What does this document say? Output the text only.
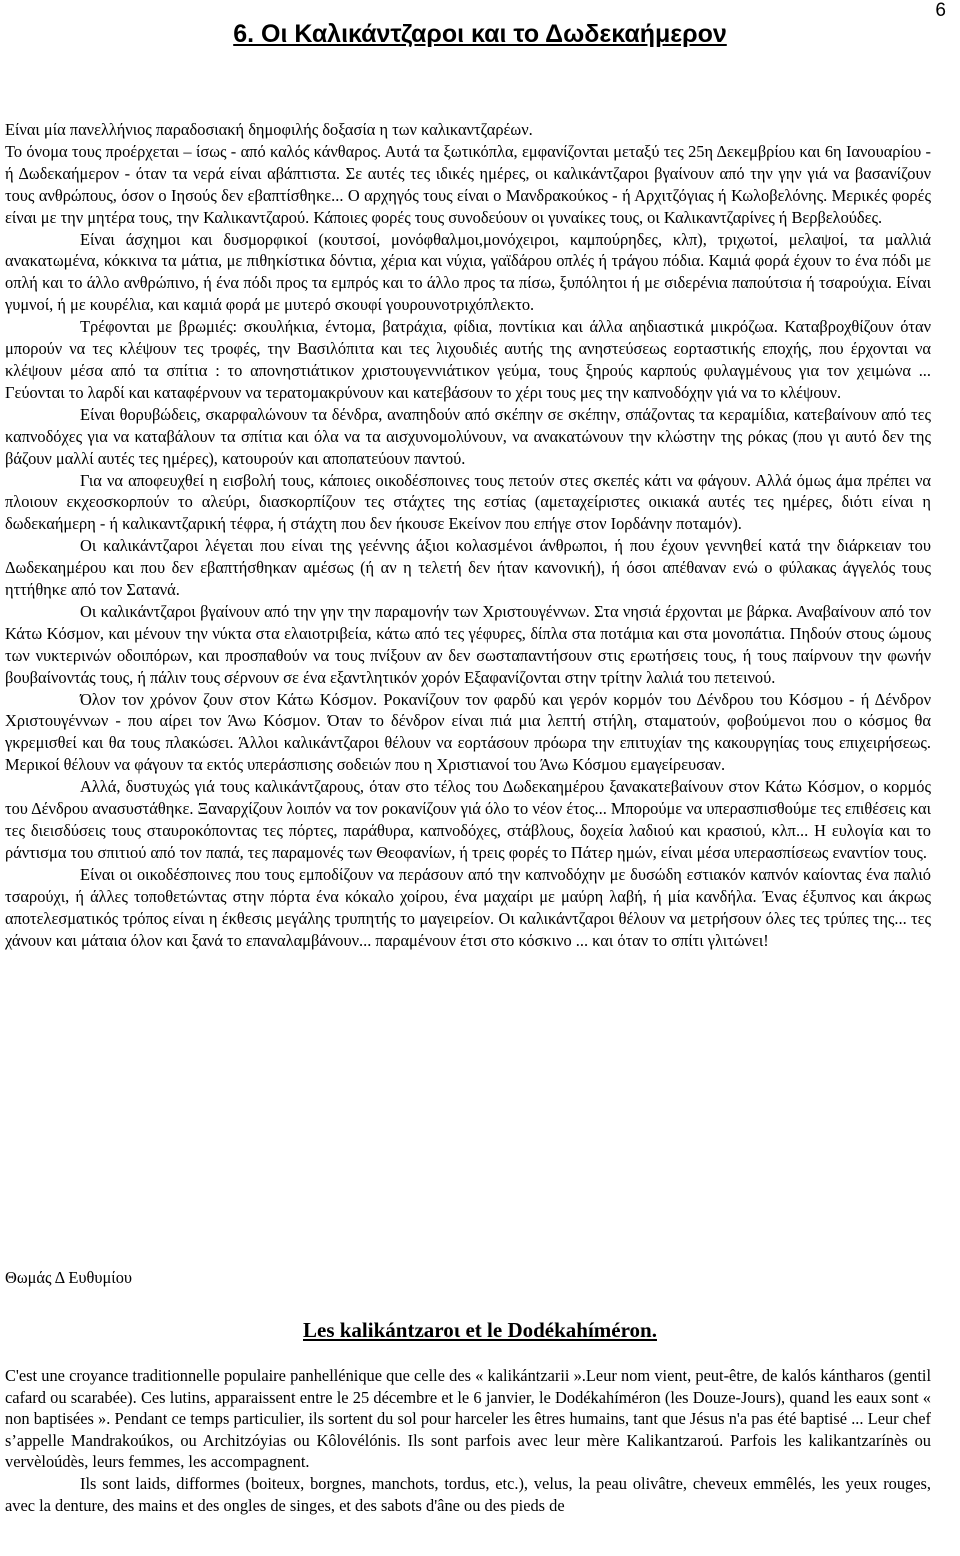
6
6. Οι Καλικάντζαροι και το Δωδεκαήμερον

Είναι μία πανελλήνιος παραδοσιακή δημοφιλής δοξασία η των καλικαντζαρέων.

Το όνομα τους προέρχεται – ίσως - από καλός κάνθαρος. Αυτά τα ξωτικόπλα, εμφανίζονται μεταξύ τες 25η Δεκεμβρίου και 6η Ιανουαρίου - ή Δωδεκαήμερον - όταν τα νερά είναι αβάπτιστα. Σε αυτές τες ιδικές ημέρες, οι καλικάντζαροι βγαίνουν από την γην γιά να βασανίζουν τους ανθρώπους, όσον ο Ιησούς δεν εβαπτίσθηκε... Ο αρχηγός τους είναι ο Μανδρακούκος - ή Αρχιτζόγιας ή Κωλοβελόνης. Μερικές φορές είναι με την μητέρα τους, την Καλικαντζαρού. Κάποιες φορές τους συνοδεύουν οι γυναίκες τους, οι Καλικαντζαρίνες ή Βερβελούδες.

Είναι άσχημοι και δυσμορφικοί (κουτσοί, μονόφθαλμοι,μονόχειροι, καμπούρηδες, κλπ), τριχωτοί, μελαψοί, τα μαλλιά ανακατωμένα, κόκκινα τα μάτια, με πιθηκίστικα δόντια, χέρια και νύχια, γαϊδάρου οπλές ή τράγου πόδια. Καμιά φορά έχουν το ένα πόδι με οπλή και το άλλο ανθρώπινο, ή ένα πόδι προς τα εμπρός και το άλλο προς τα πίσω, ξυπόλητοι ή με σιδερένια παπούτσια ή τσαρούχια. Είναι γυμνοί, ή με κουρέλια, και καμιά φορά με μυτερό σκουφί γουρουνοτριχόπλεκτο.

Τρέφονται με βρωμιές: σκουλήκια, έντομα, βατράχια, φίδια, ποντίκια και άλλα αηδιαστικά μικρόζωα. Καταβροχθίζουν όταν μπορούν να τες κλέψουν τες τροφές, την Βασιλόπιτα και τες λιχουδιές αυτής της ανηστεύσεως εορταστικής εποχής, που έρχονται να κλέψουν μέσα από τα σπίτια : το απονηστιάτικον χριστουγεννιάτικον γεύμα, τους ξηρούς καρπούς φυλαγμένους για τον χειμώνα ... Γεύονται το λαρδί και καταφέρνουν να τερατομακρύνουν και κατεβάσουν το χέρι τους μες την καπνοδόχην γιά να το κλέψουν.

Είναι θορυβώδεις, σκαρφαλώνουν τα δένδρα, αναπηδούν από σκέπην σε σκέπην, σπάζοντας τα κεραμίδια, κατεβαίνουν από τες καπνοδόχες για να καταβάλουν τα σπίτια και όλα να τα αισχυνομολύνουν, να ανακατώνουν την κλώστην της ρόκας (που γι αυτό δεν της βάζουν μαλλί αυτές τες ημέρες), κατουρούν και αποπατεύουν παντού.

Για να αποφευχθεί η εισβολή τους, κάποιες οικοδέσποινες τους πετούν στες σκεπές κάτι να φάγουν. Αλλά όμως άμα πρέπει να πλοιουν εκχεοσκορπούν το αλεύρι, διασκορπίζουν τες στάχτες της εστίας (αμεταχείριστες οικιακά αυτές τες ημέρες, διότι είναι η δωδεκαήμερη - ή καλικαντζαρική τέφρα, ή στάχτη που δεν ήκουσε Εκείνον που επήγε στον Ιορδάνην ποταμόν).

Οι καλικάντζαροι λέγεται που είναι της γεέννης άξιοι κολασμένοι άνθρωποι, ή που έχουν γεννηθεί κατά την διάρκειαν του Δωδεκαημέρου και που δεν εβαπτήσθηκαν αμέσως (ή αν η τελετή δεν ήταν κανονική), ή όσοι απέθαναν ενώ ο φύλακας άγγελός τους ηττήθηκε από τον Σατανά.

Οι καλικάντζαροι βγαίνουν από την γην την παραμονήν των Χριστουγέννων. Στα νησιά έρχονται με βάρκα. Αναβαίνουν από τον Κάτω Κόσμον, και μένουν την νύκτα στα ελαιοτριβεία, κάτω από τες γέφυρες, δίπλα στα ποτάμια και στα μονοπάτια. Πηδούν στους ώμους των νυκτερινών οδοιπόρων, και προσπαθούν να τους πνίξουν αν δεν σωσταπαντήσουν στις ερωτήσεις τους, ή τους παίρνουν την φωνήν βουβαίνοντάς τους, ή πάλιν τους σέρνουν σε ένα εξαντλητικόν χορόν Εξαφανίζονται στην τρίτην λαλιά του πετεινού.

Όλον τον χρόνον ζουν στον Κάτω Κόσμον. Ροκανίζουν τον φαρδύ και γερόν κορμόν του Δένδρου του Κόσμου - ή Δένδρον Χριστουγέννων - που αίρει τον Άνω Κόσμον. Όταν το δένδρον είναι πιά μια λεπτή στήλη, σταματούν, φοβούμενοι που ο κόσμος θα γκρεμισθεί και θα τους πλακώσει. Άλλοι καλικάντζαροι θέλουν να εορτάσουν πρόωρα την επιτυχίαν της κακουργηίας τους επιχειρήσεως. Μερικοί θέλουν να φάγουν τα εκτός υπεράσπισης σοδειών που η Χριστιανοί του Άνω Κόσμου εμαγείρευσαν.

Αλλά, δυστυχώς γιά τους καλικάντζαρους, όταν στο τέλος του Δωδεκαημέρου ξανακατεβαίνουν στον Κάτω Κόσμον, ο κορμός του Δένδρου ανασυστάθηκε. Ξαναρχίζουν λοιπόν να τον ροκανίζουν γιά όλο το νέον έτος... Μπορούμε να υπερασπισθούμε τες επιθέσεις και τες διεισδύσεις τους σταυροκόποντας τες πόρτες, παράθυρα, καπνοδόχες, στάβλους, δοχεία λαδιού και κρασιού, κλπ... Η ευλογία και το ράντισμα του σπιτιού από τον παπά, τες παραμονές των Θεοφανίων, ή τρεις φορές το Πάτερ ημών, είναι μέσα υπερασπίσεως εναντίον τους.

Είναι οι οικοδέσποινες που τους εμποδίζουν να περάσουν από την καπνοδόχην με δυσώδη εστιακόν καπνόν καίοντας ένα παλιό τσαρούχι, ή άλλες τοποθετώντας στην πόρτα ένα κόκαλο χοίρου, ένα μαχαίρι με μαύρη λαβή, ή μία κανδήλα. Ένας έξυπνος και άκρως αποτελεσματικός τρόπος είναι η έκθεσις μεγάλης τρυπητής το μαγειρείον. Οι καλικάντζαροι θέλουν να μετρήσουν όλες τες τρύπες της... τες χάνουν και μάταια όλον και ξανά το επαναλαμβάνουν... παραμένουν έτσι στο κόσκινο ... και όταν το σπίτι γλιτώνει!

Θωμάς Δ Ευθυμίου
Les kalikántzaroι et le Dodékahíméron.

C'est une croyance traditionnelle populaire panhellénique que celle des « kalikántzarii ».Leur nom vient, peut-être, de kalós kántharos (gentil cafard ou scarabée). Ces lutins, apparaissent entre le 25 décembre et le 6 janvier, le Dodékahíméron (les Douze-Jours), quand les eaux sont « non baptisées ». Pendant ce temps particulier, ils sortent du sol pour harceler les êtres humains, tant que Jésus n'a pas été baptisé ... Leur chef s’appelle Mandrakoúkos, ou Architzóyias ou Kôlovélónis. Ils sont parfois avec leur mère Kalikantzaroú. Parfois les kalikantzarínès ou vervèloúdès, leurs femmes, les accompagnent.

Ils sont laids, difformes (boiteux, borgnes, manchots, tordus, etc.), velus, la peau olivâtre, cheveux emmêlés, les yeux rouges, avec la denture, des mains et des ongles de singes, et des sabots d'âne ou des pieds de
